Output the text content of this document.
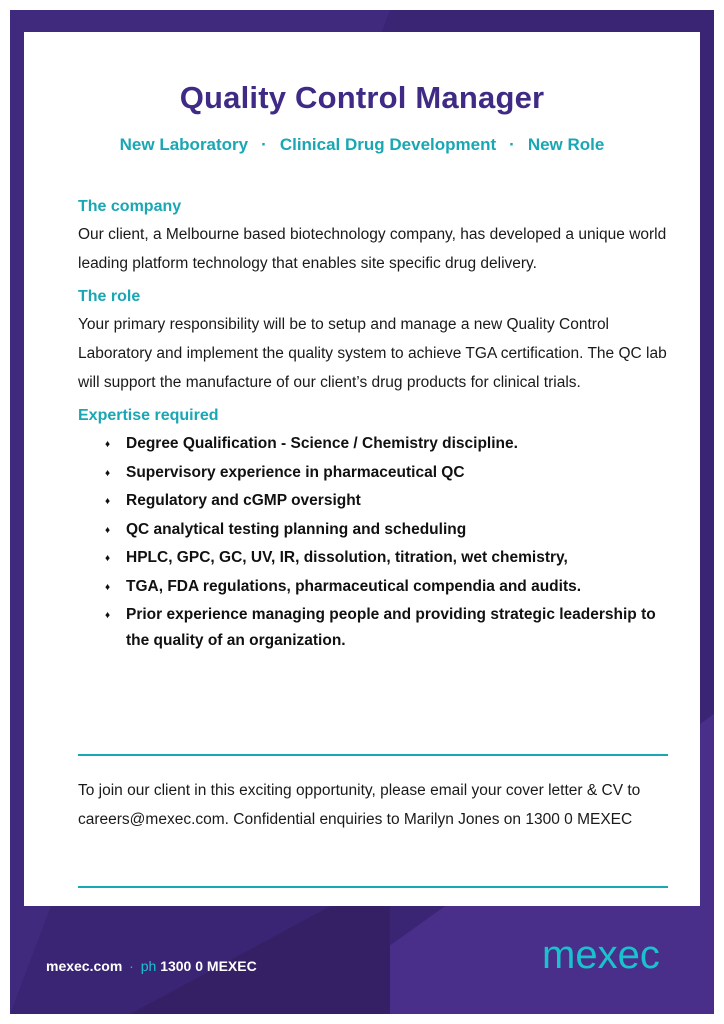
Quality Control Manager
New Laboratory · Clinical Drug Development · New Role

The company

Our client, a Melbourne based biotechnology company, has developed a unique world leading platform technology that enables site specific drug delivery.

The role

Your primary responsibility will be to setup and manage a new Quality Control Laboratory and implement the quality system to achieve TGA certification. The QC lab will support the manufacture of our client’s drug products for clinical trials.

Expertise required

♦ Degree Qualification - Science / Chemistry discipline.
♦ Supervisory experience in pharmaceutical QC
♦ Regulatory and cGMP oversight
♦ QC analytical testing planning and scheduling
♦ HPLC, GPC, GC, UV, IR, dissolution, titration, wet chemistry,
♦ TGA, FDA regulations, pharmaceutical compendia and audits.
♦ Prior experience managing people and providing strategic leadership to the quality of an organization.
To join our client in this exciting opportunity, please email your cover letter & CV to careers@mexec.com. Confidential enquiries to Marilyn Jones on 1300 0 MEXEC
mexec.com · ph 1300 0 MEXEC	mexec
